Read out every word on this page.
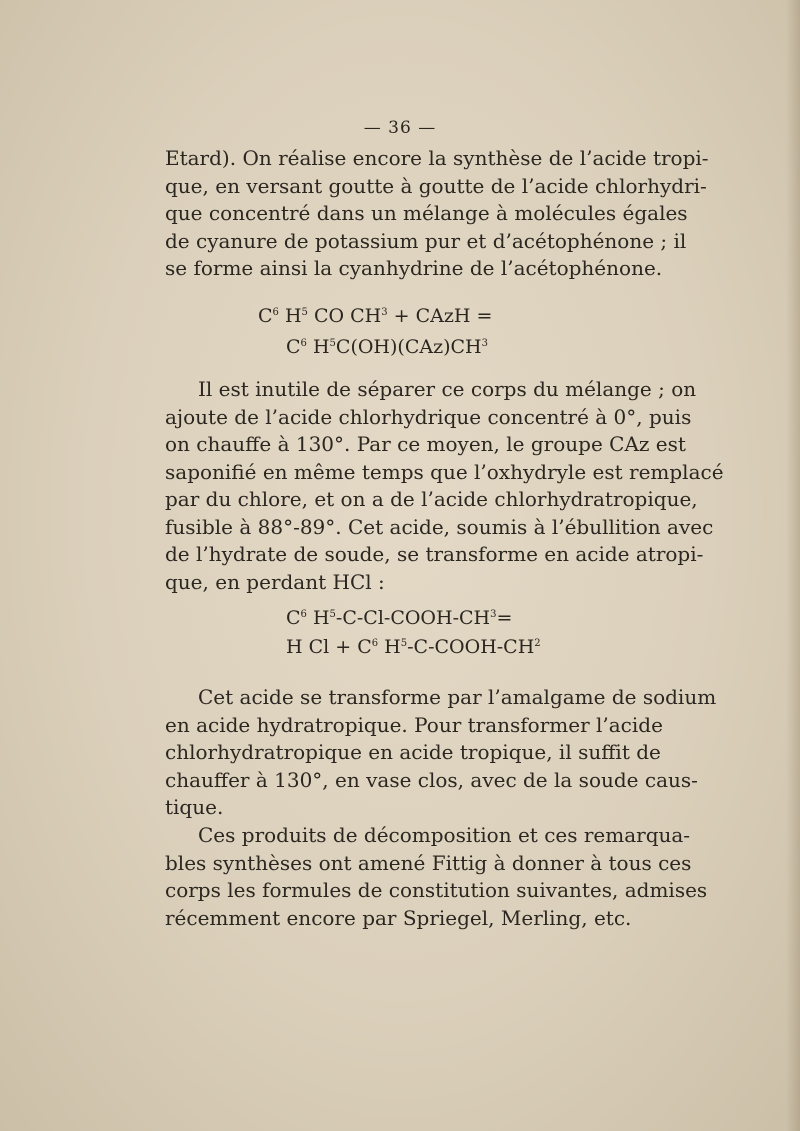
— 36 —
Etard). On réalise encore la synthèse de l’acide tropi-
que, en versant goutte à goutte de l’acide chlorhydri-
que concentré dans un mélange à molécules égales
de cyanure de potassium pur et d’acétophénone ; il
se forme ainsi la cyanhydrine de l’acétophénone.
$C^6$ $H^5$ CO $CH^3$ + CAzH =
$C^6$ $H^5C(OH)(CAz)CH^3$
Il est inutile de séparer ce corps du mélange ; on
ajoute de l’acide chlorhydrique concentré à 0°, puis
on chauffe à 130°. Par ce moyen, le groupe CAz est
saponifié en même temps que l’oxhydryle est remplacé
par du chlore, et on a de l’acide chlorhydratropique,
fusible à 88°-89°. Cet acide, soumis à l’ébullition avec
de l’hydrate de soude, se transforme en acide atropi-
que, en perdant HCl :
$C^6$ $H^5-C-Cl-COOH-CH^3=$
H $Cl + C^6$ $H^5-C-COOH-CH^2$
Cet acide se transforme par l’amalgame de sodium
en acide hydratropique. Pour transformer l’acide
chlorhydratropique en acide tropique, il suffit de
chauffer à 130°, en vase clos, avec de la soude caus-
tique.
Ces produits de décomposition et ces remarqua-
bles synthèses ont amené Fittig à donner à tous ces
corps les formules de constitution suivantes, admises
récemment encore par Spriegel, Merling, etc.
